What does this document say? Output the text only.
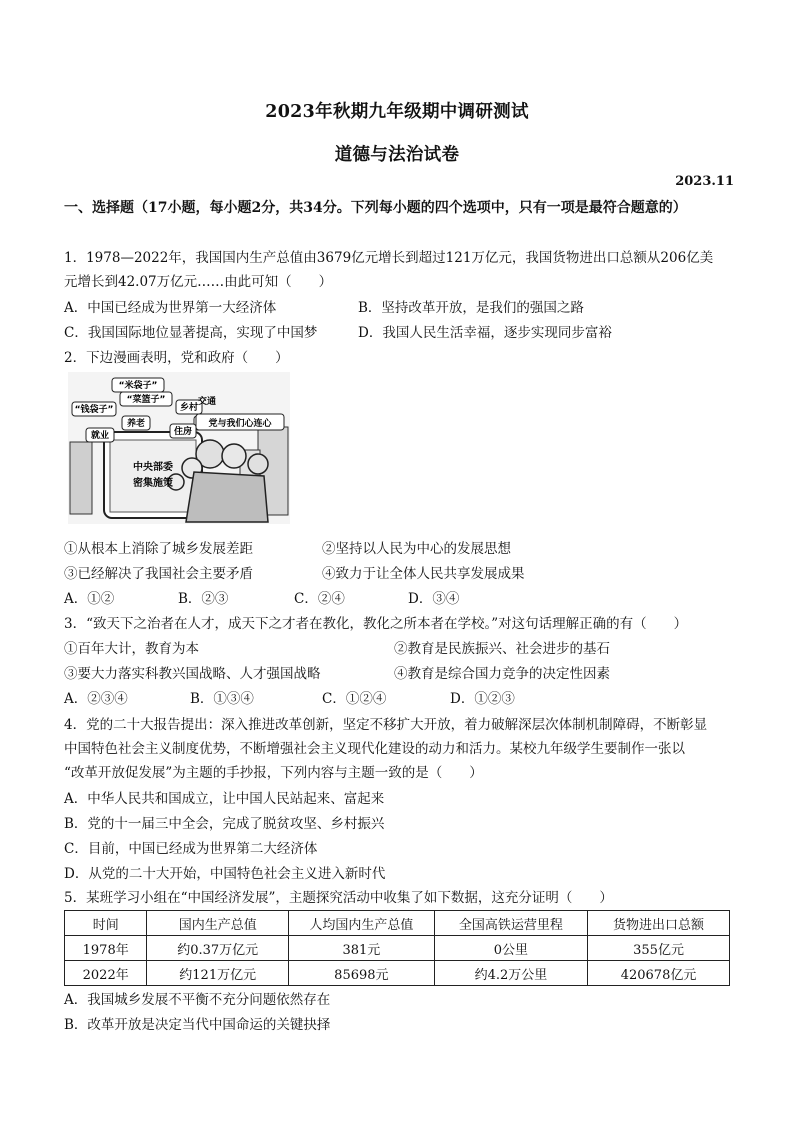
2023年秋期九年级期中调研测试
道德与法治试卷
2023.11
一、选择题（17小题，每小题2分，共34分。下列每小题的四个选项中，只有一项是最符合题意的）
1．1978—2022年，我国国内生产总值由3679亿元增长到超过121万亿元，我国货物进出口总额从206亿美
元增长到42.07万亿元……由此可知（　　）
A．中国已经成为世界第一大经济体	B．坚持改革开放，是我们的强国之路
C．我国国际地位显著提高，实现了中国梦	D．我国人民生活幸福，逐步实现同步富裕
2．下边漫画表明，党和政府（　　）
“米袋子”
“菜篮子”
“钱袋子”	乡村
交通
养老
住房
就业
党与我们心连心
中央部委
密集施策
①从根本上消除了城乡发展差距	②坚持以人民为中心的发展思想
③已经解决了我国社会主要矛盾	④致力于让全体人民共享发展成果
A．①②	B．②③	C．②④	D．③④
3．“致天下之治者在人才，成天下之才者在教化，教化之所本者在学校。”对这句话理解正确的有（　　）
①百年大计，教育为本	②教育是民族振兴、社会进步的基石
③要大力落实科教兴国战略、人才强国战略	④教育是综合国力竞争的决定性因素
A．②③④	B．①③④	C．①②④	D．①②③
4．党的二十大报告提出：深入推进改革创新，坚定不移扩大开放，着力破解深层次体制机制障碍，不断彰显
中国特色社会主义制度优势，不断增强社会主义现代化建设的动力和活力。某校九年级学生要制作一张以
“改革开放促发展”为主题的手抄报，下列内容与主题一致的是（　　）
A．中华人民共和国成立，让中国人民站起来、富起来
B．党的十一届三中全会，完成了脱贫攻坚、乡村振兴
C．目前，中国已经成为世界第二大经济体
D．从党的二十大开始，中国特色社会主义进入新时代
5．某班学习小组在“中国经济发展”，主题探究活动中收集了如下数据，这充分证明（　　）
时间	国内生产总值	人均国内生产总值	全国高铁运营里程	货物进出口总额
1978年	约0.37万亿元	381元	0公里	355亿元
2022年	约121万亿元	85698元	约4.2万公里	420678亿元
A．我国城乡发展不平衡不充分问题依然存在
B．改革开放是决定当代中国命运的关键抉择
